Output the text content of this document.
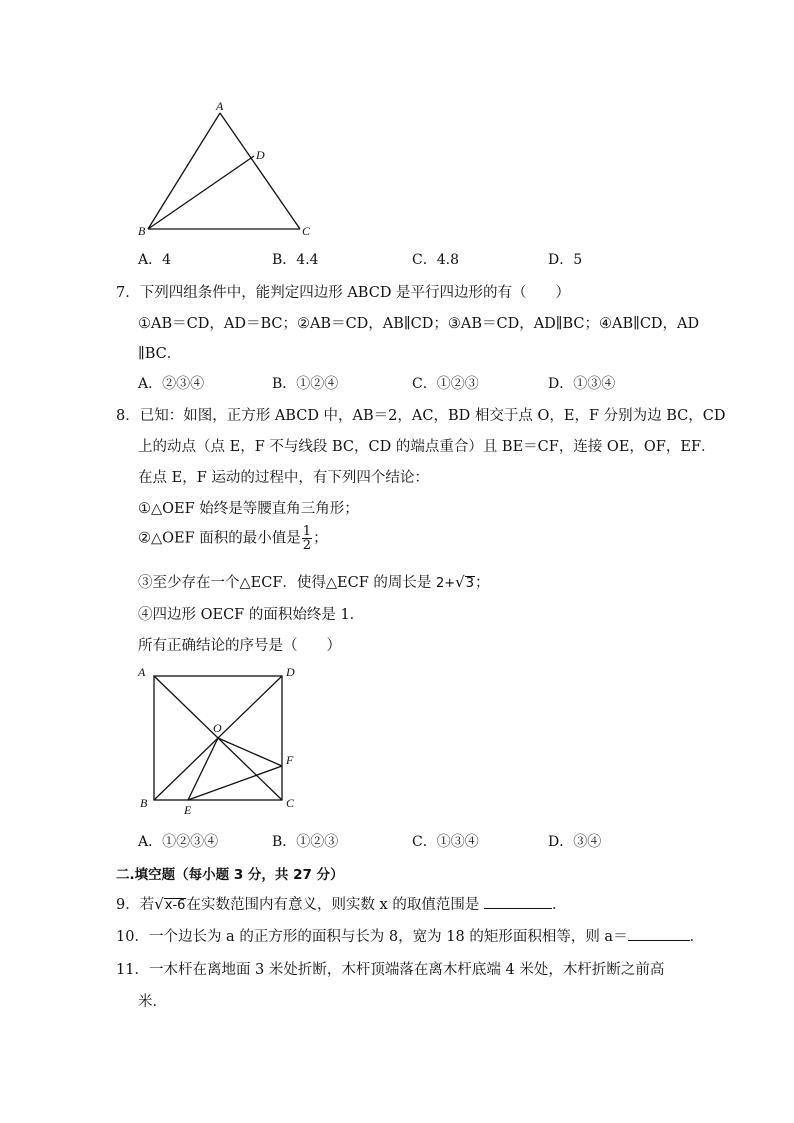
A
D
B	C
A．4	B．4.4	C．4.8	D．5
7．下列四组条件中，能判定四边形 ABCD 是平行四边形的有（　　）
①AB＝CD，AD＝BC；②AB＝CD，AB∥CD；③AB＝CD，AD∥BC；④AB∥CD，AD
∥BC．
A．②③④	B．①②④	C．①②③	D．①③④
8．已知：如图，正方形 ABCD 中，AB＝2，AC，BD 相交于点 O，E，F 分别为边 BC，CD
上的动点（点 E，F 不与线段 BC，CD 的端点重合）且 BE＝CF，连接 OE，OF，EF．
在点 E，F 运动的过程中，有下列四个结论：
①△OEF 始终是等腰直角三角形；
②△OEF 面积的最小值是 $\frac{1}{2}$ ；
③至少存在一个△ECF．使得△ECF 的周长是 2+√3；
④四边形 OECF 的面积始终是 1．
所有正确结论的序号是（　　）
A	D
O
F
B	E	C
A．①②③④	B．①②③	C．①③④	D．③④
二.填空题（每小题 3 分，共 27 分）
9．若√x-6在实数范围内有意义，则实数 x 的取值范围是	．
10．一个边长为 a 的正方形的面积与长为 8，宽为 18 的矩形面积相等，则 a＝	．
11．一木杆在离地面 3 米处折断，木杆顶端落在离木杆底端 4 米处，木杆折断之前高
米．
